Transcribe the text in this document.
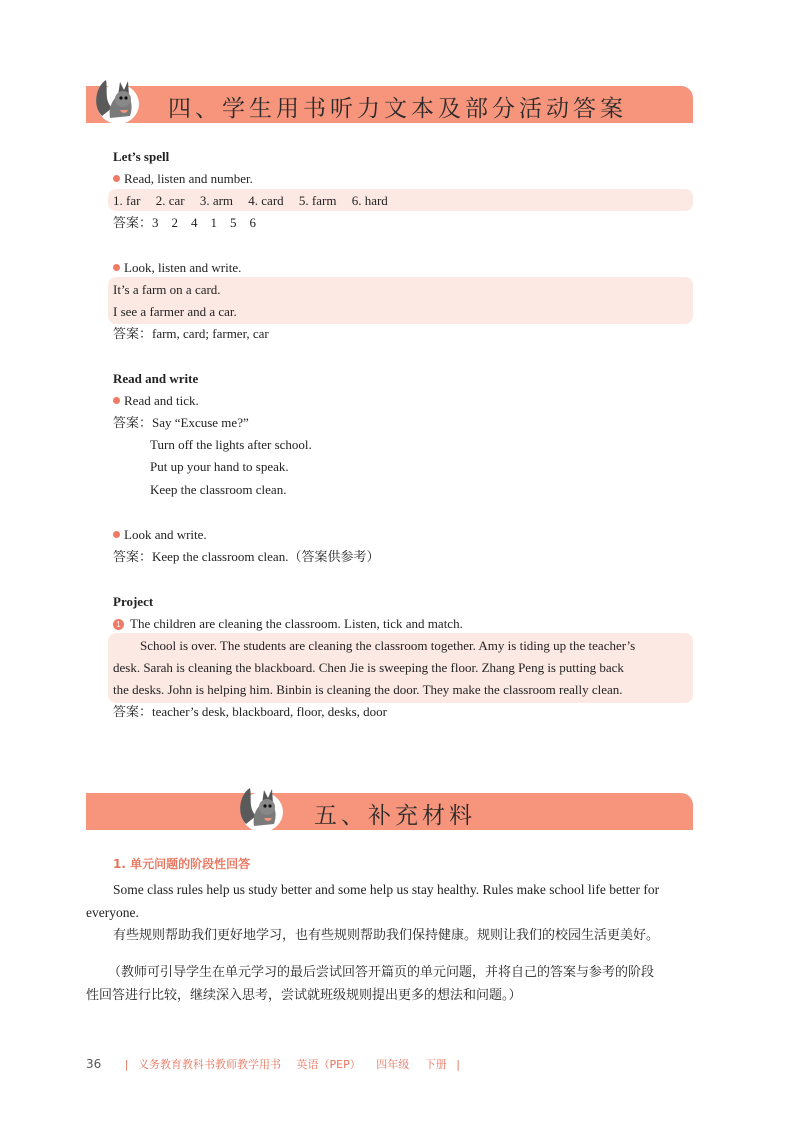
四、学生用书听力文本及部分活动答案
Let’s spell
Read, listen and number.
1. far 2. car 3. arm 4. card 5. farm 6. hard
答案：3    2    4    1    5    6
Look, listen and write.
It’s a farm on a card.
I see a farmer and a car.
答案：farm, card; farmer, car
Read and write
Read and tick.
答案：Say “Excuse me?”
Turn off the lights after school.
Put up your hand to speak.
Keep the classroom clean.
Look and write.
答案：Keep the classroom clean.（答案供参考）
Project
1 The children are cleaning the classroom. Listen, tick and match.
School is over. The students are cleaning the classroom together. Amy is tiding up the teacher’s
desk. Sarah is cleaning the blackboard. Chen Jie is sweeping the floor. Zhang Peng is putting back
the desks. John is helping him. Binbin is cleaning the door. They make the classroom really clean.
答案：teacher’s desk, blackboard, floor, desks, door
五、补充材料
1. 单元问题的阶段性回答
Some class rules help us study better and some help us stay healthy. Rules make school life better for
everyone.
有些规则帮助我们更好地学习，也有些规则帮助我们保持健康。规则让我们的校园生活更美好。
（教师可引导学生在单元学习的最后尝试回答开篇页的单元问题，并将自己的答案与参考的阶段
性回答进行比较，继续深入思考，尝试就班级规则提出更多的想法和问题。）
36 | 义务教育教科书教师教学用书 英语（PEP） 四年级 下册 |
